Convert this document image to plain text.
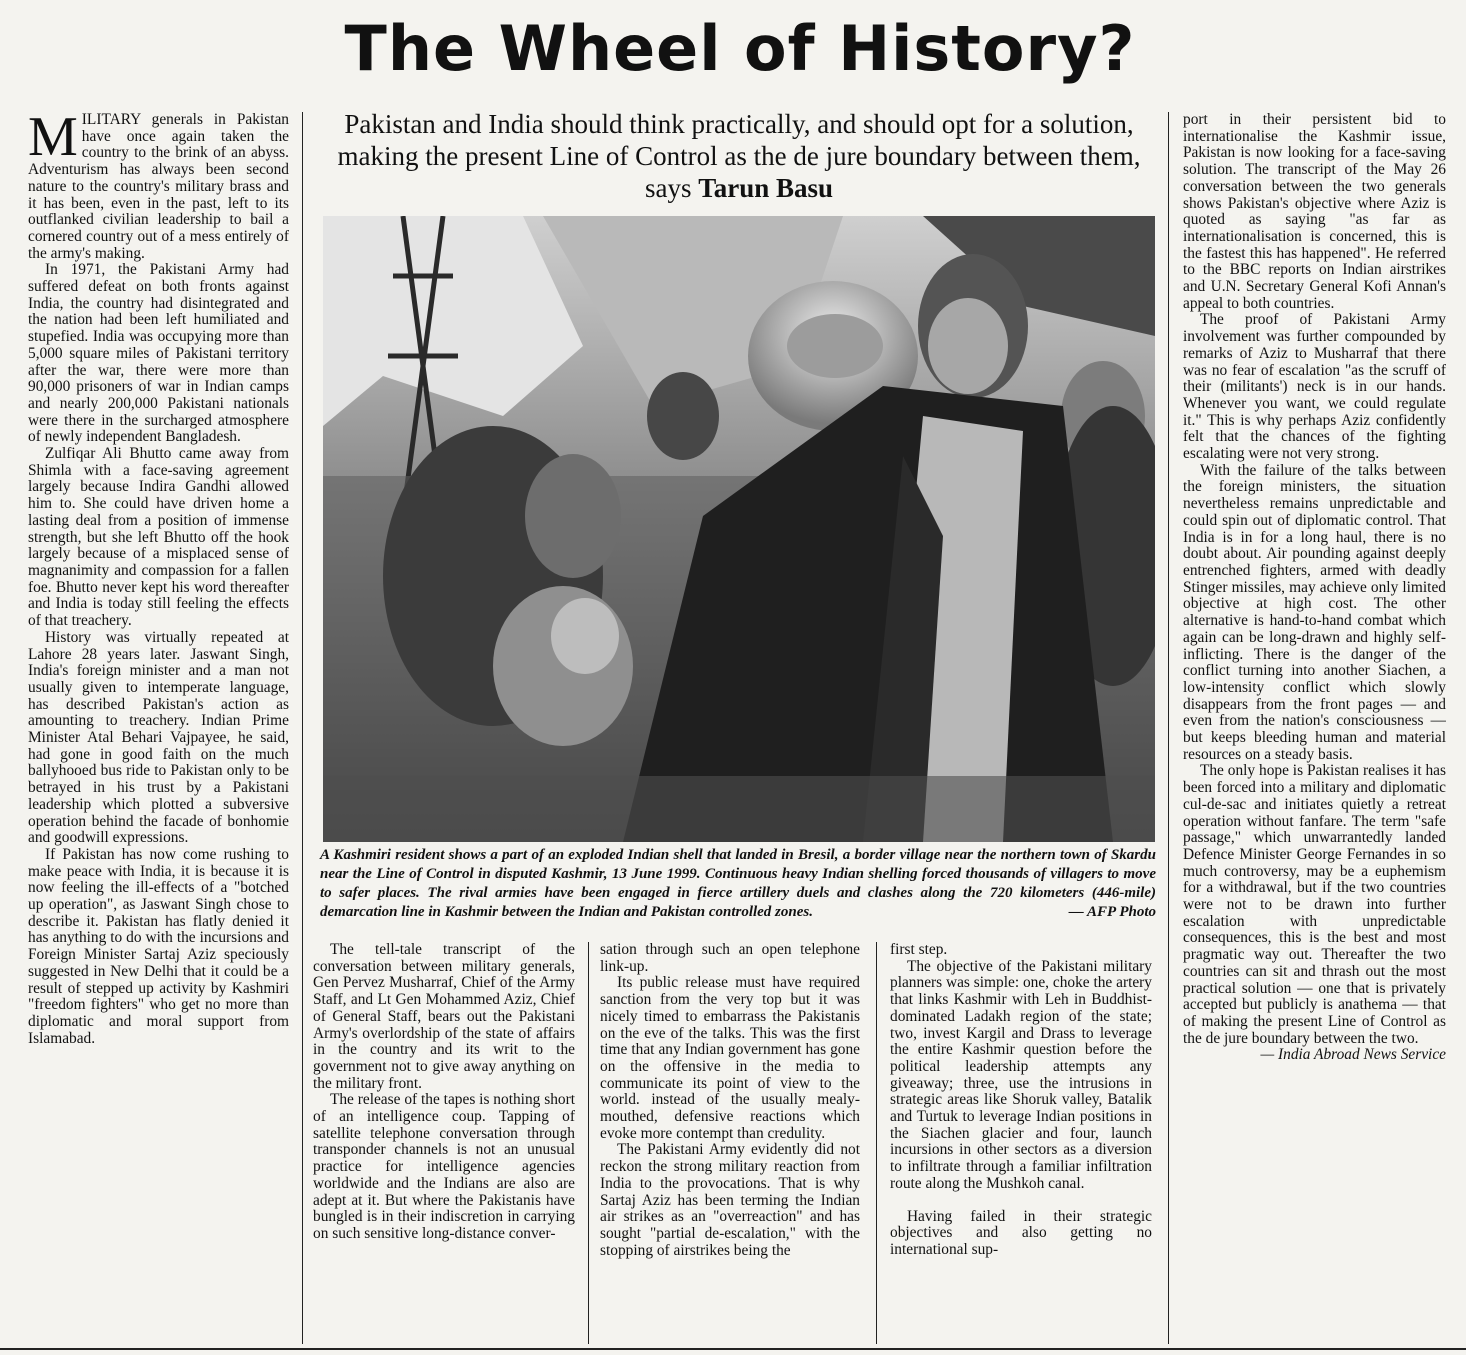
The Wheel of History?
Pakistan and India should think practically, and should opt for a solution, making the present Line of Control as the de jure boundary between them, says Tarun Basu

MILITARY generals in Pakistan have once again taken the country to the brink of an abyss. Adventurism has always been second nature to the country's military brass and it has been, even in the past, left to its outflanked civilian leadership to bail a cornered country out of a mess entirely of the army's making.

In 1971, the Pakistani Army had suffered defeat on both fronts against India, the country had disintegrated and the nation had been left humiliated and stupefied. India was occupying more than 5,000 square miles of Pakistani territory after the war, there were more than 90,000 prisoners of war in Indian camps and nearly 200,000 Pakistani nationals were there in the surcharged atmosphere of newly independent Bangladesh.

Zulfiqar Ali Bhutto came away from Shimla with a face-saving agreement largely because Indira Gandhi allowed him to. She could have driven home a lasting deal from a position of immense strength, but she left Bhutto off the hook largely because of a misplaced sense of magnanimity and compassion for a fallen foe. Bhutto never kept his word thereafter and India is today still feeling the effects of that treachery.

History was virtually repeated at Lahore 28 years later. Jaswant Singh, India's foreign minister and a man not usually given to intemperate language, has described Pakistan's action as amounting to treachery. Indian Prime Minister Atal Behari Vajpayee, he said, had gone in good faith on the much ballyhooed bus ride to Pakistan only to be betrayed in his trust by a Pakistani leadership which plotted a subversive operation behind the facade of bonhomie and goodwill expressions.

If Pakistan has now come rushing to make peace with India, it is because it is now feeling the ill-effects of a "botched up operation", as Jaswant Singh chose to describe it. Pakistan has flatly denied it has anything to do with the incursions and Foreign Minister Sartaj Aziz speciously suggested in New Delhi that it could be a result of stepped up activity by Kashmiri "freedom fighters" who get no more than diplomatic and moral support from Islamabad.

A Kashmiri resident shows a part of an exploded Indian shell that landed in Bresil, a border village near the northern town of Skardu near the Line of Control in disputed Kashmir, 13 June 1999. Continuous heavy Indian shelling forced thousands of villagers to move to safer places. The rival armies have been engaged in fierce artillery duels and clashes along the 720 kilometers (446-mile) demarcation line in Kashmir between the Indian and Pakistan controlled zones.	— AFP Photo

The tell-tale transcript of the conversation between military generals, Gen Pervez Musharraf, Chief of the Army Staff, and Lt Gen Mohammed Aziz, Chief of General Staff, bears out the Pakistani Army's overlordship of the state of affairs in the country and its writ to the government not to give away anything on the military front.

The release of the tapes is nothing short of an intelligence coup. Tapping of satellite telephone conversation through transponder channels is not an unusual practice for intelligence agencies worldwide and the Indians are also are adept at it. But where the Pakistanis have bungled is in their indiscretion in carrying on such sensitive long-distance conver-

sation through such an open telephone link-up.

Its public release must have required sanction from the very top but it was nicely timed to embarrass the Pakistanis on the eve of the talks. This was the first time that any Indian government has gone on the offensive in the media to communicate its point of view to the world. instead of the usually mealy-mouthed, defensive reactions which evoke more contempt than credulity.

The Pakistani Army evidently did not reckon the strong military reaction from India to the provocations. That is why Sartaj Aziz has been terming the Indian air strikes as an "overreaction" and has sought "partial de-escalation," with the stopping of airstrikes being the

first step.

The objective of the Pakistani military planners was simple: one, choke the artery that links Kashmir with Leh in Buddhist-dominated Ladakh region of the state; two, invest Kargil and Drass to leverage the entire Kashmir question before the political leadership attempts any giveaway; three, use the intrusions in strategic areas like Shoruk valley, Batalik and Turtuk to leverage Indian positions in the Siachen glacier and four, launch incursions in other sectors as a diversion to infiltrate through a familiar infiltration route along the Mushkoh canal.

Having failed in their strategic objectives and also getting no international sup-

port in their persistent bid to internationalise the Kashmir issue, Pakistan is now looking for a face-saving solution. The transcript of the May 26 conversation between the two generals shows Pakistan's objective where Aziz is quoted as saying "as far as internationalisation is concerned, this is the fastest this has happened". He referred to the BBC reports on Indian airstrikes and U.N. Secretary General Kofi Annan's appeal to both countries.

The proof of Pakistani Army involvement was further compounded by remarks of Aziz to Musharraf that there was no fear of escalation "as the scruff of their (militants') neck is in our hands. Whenever you want, we could regulate it." This is why perhaps Aziz confidently felt that the chances of the fighting escalating were not very strong.

With the failure of the talks between the foreign ministers, the situation nevertheless remains unpredictable and could spin out of diplomatic control. That India is in for a long haul, there is no doubt about. Air pounding against deeply entrenched fighters, armed with deadly Stinger missiles, may achieve only limited objective at high cost. The other alternative is hand-to-hand combat which again can be long-drawn and highly self-inflicting. There is the danger of the conflict turning into another Siachen, a low-intensity conflict which slowly disappears from the front pages — and even from the nation's consciousness — but keeps bleeding human and material resources on a steady basis.

The only hope is Pakistan realises it has been forced into a military and diplomatic cul-de-sac and initiates quietly a retreat operation without fanfare. The term "safe passage," which unwarrantedly landed Defence Minister George Fernandes in so much controversy, may be a euphemism for a withdrawal, but if the two countries were not to be drawn into further escalation with unpredictable consequences, this is the best and most pragmatic way out. Thereafter the two countries can sit and thrash out the most practical solution — one that is privately accepted but publicly is anathema — that of making the present Line of Control as the de jure boundary between the two.

— India Abroad News Service
